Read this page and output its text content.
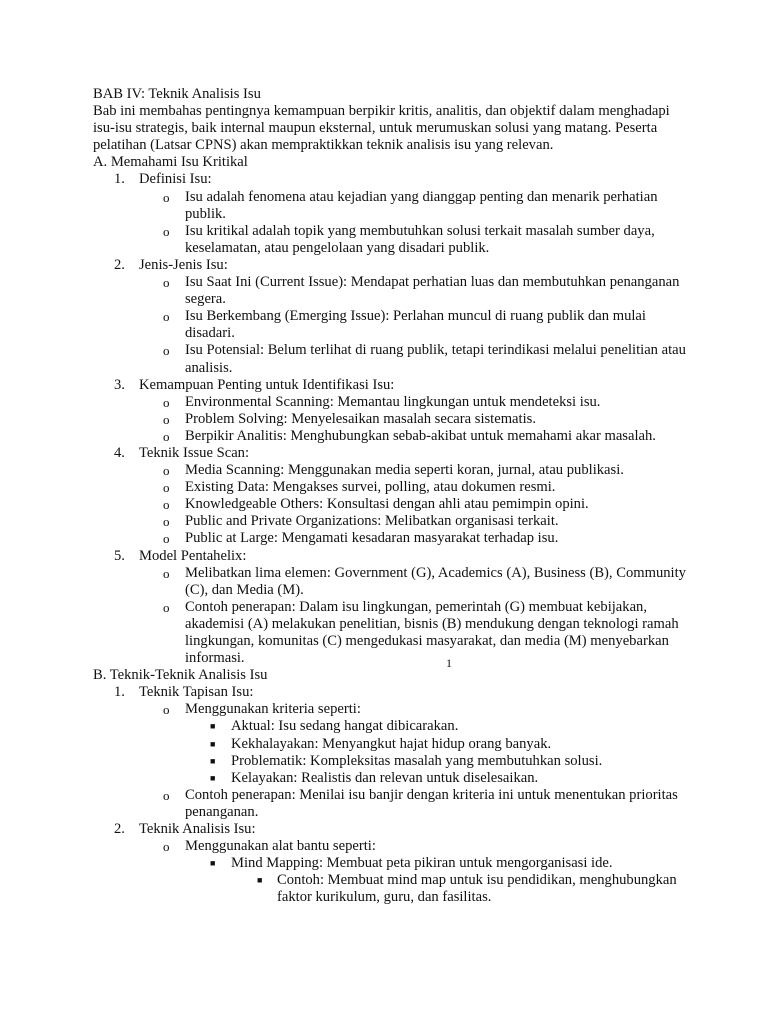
BAB IV: Teknik Analisis Isu

Bab ini membahas pentingnya kemampuan berpikir kritis, analitis, dan objektif dalam menghadapi isu-isu strategis, baik internal maupun eksternal, untuk merumuskan solusi yang matang. Peserta pelatihan (Latsar CPNS) akan mempraktikkan teknik analisis isu yang relevan.

A. Memahami Isu Kritikal

1. Definisi Isu:
o Isu adalah fenomena atau kejadian yang dianggap penting dan menarik perhatian publik.
o Isu kritikal adalah topik yang membutuhkan solusi terkait masalah sumber daya, keselamatan, atau pengelolaan yang disadari publik.
2. Jenis-Jenis Isu:
o Isu Saat Ini (Current Issue): Mendapat perhatian luas dan membutuhkan penanganan segera.
o Isu Berkembang (Emerging Issue): Perlahan muncul di ruang publik dan mulai disadari.
o Isu Potensial: Belum terlihat di ruang publik, tetapi terindikasi melalui penelitian atau analisis.
3. Kemampuan Penting untuk Identifikasi Isu:
o Environmental Scanning: Memantau lingkungan untuk mendeteksi isu.
o Problem Solving: Menyelesaikan masalah secara sistematis.
o Berpikir Analitis: Menghubungkan sebab-akibat untuk memahami akar masalah.
4. Teknik Issue Scan:
o Media Scanning: Menggunakan media seperti koran, jurnal, atau publikasi.
o Existing Data: Mengakses survei, polling, atau dokumen resmi.
o Knowledgeable Others: Konsultasi dengan ahli atau pemimpin opini.
o Public and Private Organizations: Melibatkan organisasi terkait.
o Public at Large: Mengamati kesadaran masyarakat terhadap isu.
5. Model Pentahelix:
o Melibatkan lima elemen: Government (G), Academics (A), Business (B), Community (C), dan Media (M).
o Contoh penerapan: Dalam isu lingkungan, pemerintah (G) membuat kebijakan, akademisi (A) melakukan penelitian, bisnis (B) mendukung dengan teknologi ramah lingkungan, komunitas (C) mengedukasi masyarakat, dan media (M) menyebarkan informasi.

B. Teknik-Teknik Analisis Isu

1. Teknik Tapisan Isu:
o Menggunakan kriteria seperti:
■ Aktual: Isu sedang hangat dibicarakan.
■ Kekhalayakan: Menyangkut hajat hidup orang banyak.
■ Problematik: Kompleksitas masalah yang membutuhkan solusi.
■ Kelayakan: Realistis dan relevan untuk diselesaikan.
o Contoh penerapan: Menilai isu banjir dengan kriteria ini untuk menentukan prioritas penanganan.
2. Teknik Analisis Isu:
o Menggunakan alat bantu seperti:
■ Mind Mapping: Membuat peta pikiran untuk mengorganisasi ide.
■ Contoh: Membuat mind map untuk isu pendidikan, menghubungkan faktor kurikulum, guru, dan fasilitas.
1
